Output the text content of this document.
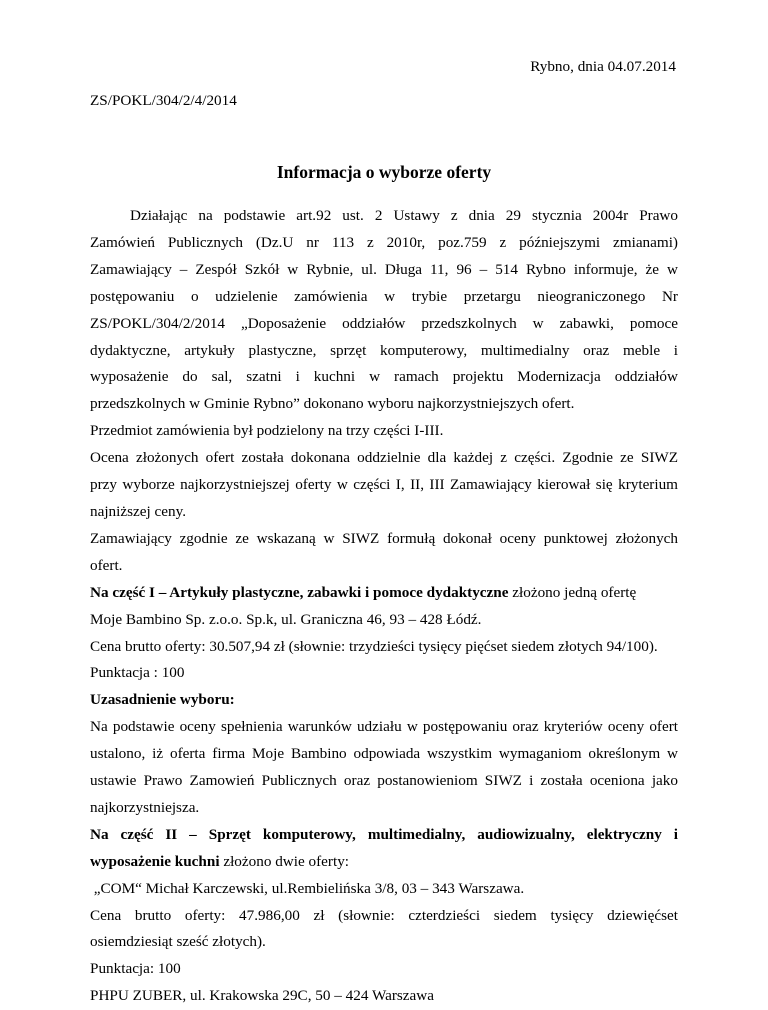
Rybno, dnia 04.07.2014
ZS/POKL/304/2/4/2014
Informacja o wyborze oferty

Działając na podstawie art.92 ust. 2 Ustawy z dnia 29 stycznia 2004r Prawo

Zamówień Publicznych (Dz.U nr 113 z 2010r, poz.759 z późniejszymi zmianami)

Zamawiający – Zespół Szkół w Rybnie, ul. Długa 11, 96 – 514 Rybno informuje, że w

postępowaniu o udzielenie zamówienia w trybie przetargu nieograniczonego Nr

ZS/POKL/304/2/2014 „Doposażenie oddziałów przedszkolnych w zabawki, pomoce

dydaktyczne, artykuły plastyczne, sprzęt komputerowy, multimedialny oraz meble i

wyposażenie do sal, szatni i kuchni w ramach projektu Modernizacja oddziałów

przedszkolnych w Gminie Rybno” dokonano wyboru najkorzystniejszych ofert.

Przedmiot zamówienia był podzielony na trzy części I-III.

Ocena złożonych ofert została dokonana oddzielnie dla każdej z części. Zgodnie ze SIWZ

przy wyborze najkorzystniejszej oferty w części I, II, III Zamawiający kierował się kryterium

najniższej ceny.

Zamawiający zgodnie ze wskazaną w SIWZ formułą dokonał oceny punktowej złożonych

ofert.

Na część I – Artykuły plastyczne, zabawki i pomoce dydaktyczne złożono jedną ofertę

Moje Bambino Sp. z.o.o. Sp.k, ul. Graniczna 46, 93 – 428 Łódź.

Cena brutto oferty: 30.507,94 zł (słownie: trzydzieści tysięcy pięćset siedem złotych 94/100).

Punktacja : 100

Uzasadnienie wyboru:

Na podstawie oceny spełnienia warunków udziału w postępowaniu oraz kryteriów oceny ofert

ustalono, iż oferta firma Moje Bambino odpowiada wszystkim wymaganiom określonym w

ustawie Prawo Zamowień Publicznych oraz postanowieniom SIWZ i została oceniona jako

najkorzystniejsza.

Na część II – Sprzęt komputerowy, multimedialny, audiowizualny, elektryczny i

wyposażenie kuchni złożono dwie oferty:

„COM“ Michał Karczewski, ul.Rembielińska 3/8, 03 – 343 Warszawa.

Cena brutto oferty: 47.986,00 zł (słownie: czterdzieści siedem tysięcy dziewięćset

osiemdziesiąt sześć złotych).

Punktacja: 100

PHPU ZUBER, ul. Krakowska 29C, 50 – 424 Warszawa
